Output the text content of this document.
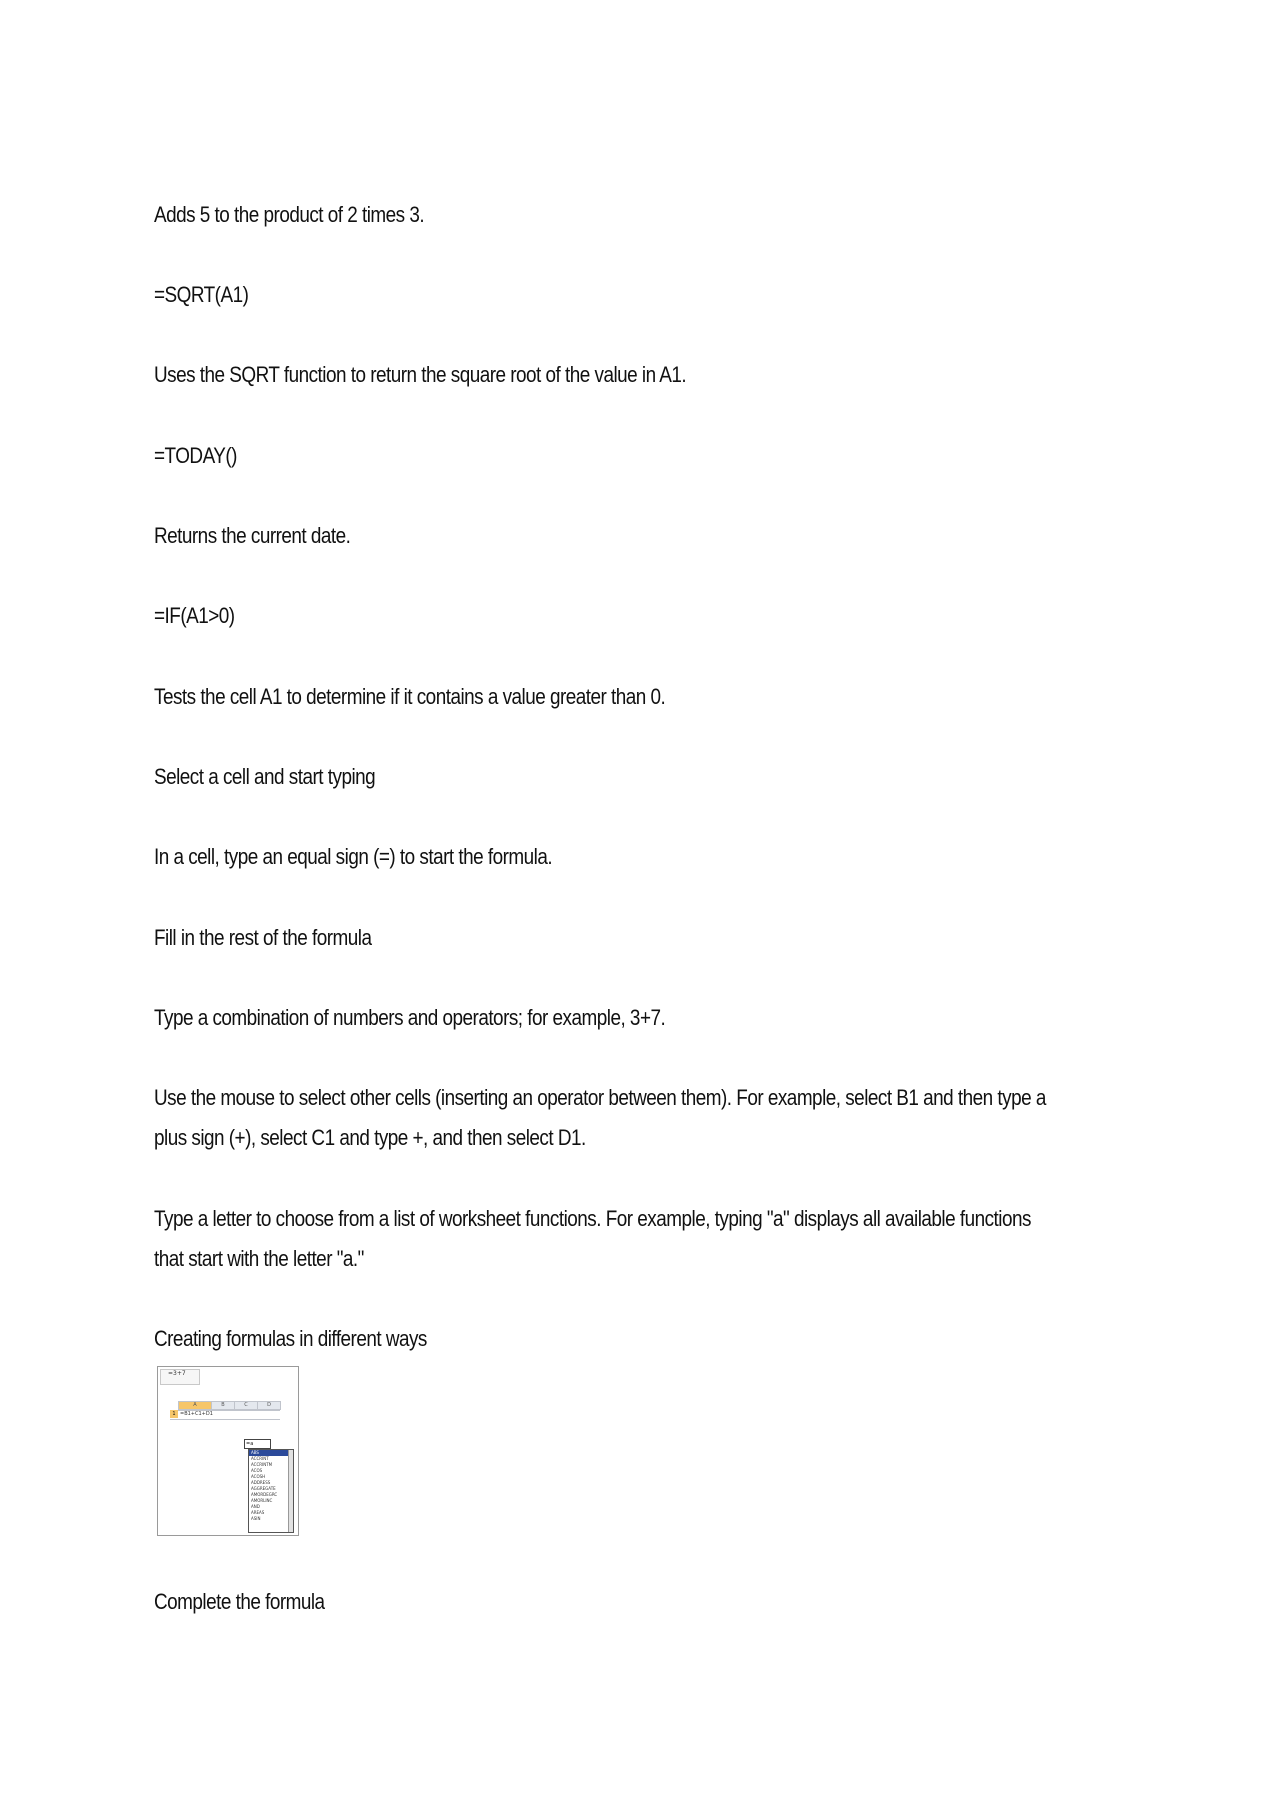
Adds 5 to the product of 2 times 3.

=SQRT(A1)

Uses the SQRT function to return the square root of the value in A1.

=TODAY()

Returns the current date.

=IF(A1>0)

Tests the cell A1 to determine if it contains a value greater than 0.

Select a cell and start typing

In a cell, type an equal sign (=) to start the formula.

Fill in the rest of the formula

Type a combination of numbers and operators; for example, 3+7.

Use the mouse to select other cells (inserting an operator between them). For example, select B1 and then type a

plus sign (+), select C1 and type +, and then select D1.

Type a letter to choose from a list of worksheet functions. For example, typing "a" displays all available functions

that start with the letter "a."

Creating formulas in different ways

=3+7
A	B	C	D
1 =B1+C1+D1
=a
ABS
ACCRINT
ACCRINTM
ACOS
ACOSH
ADDRESS
AGGREGATE
AMORDEGRC
AMORLINC
AND
AREAS
ASIN

Complete the formula
